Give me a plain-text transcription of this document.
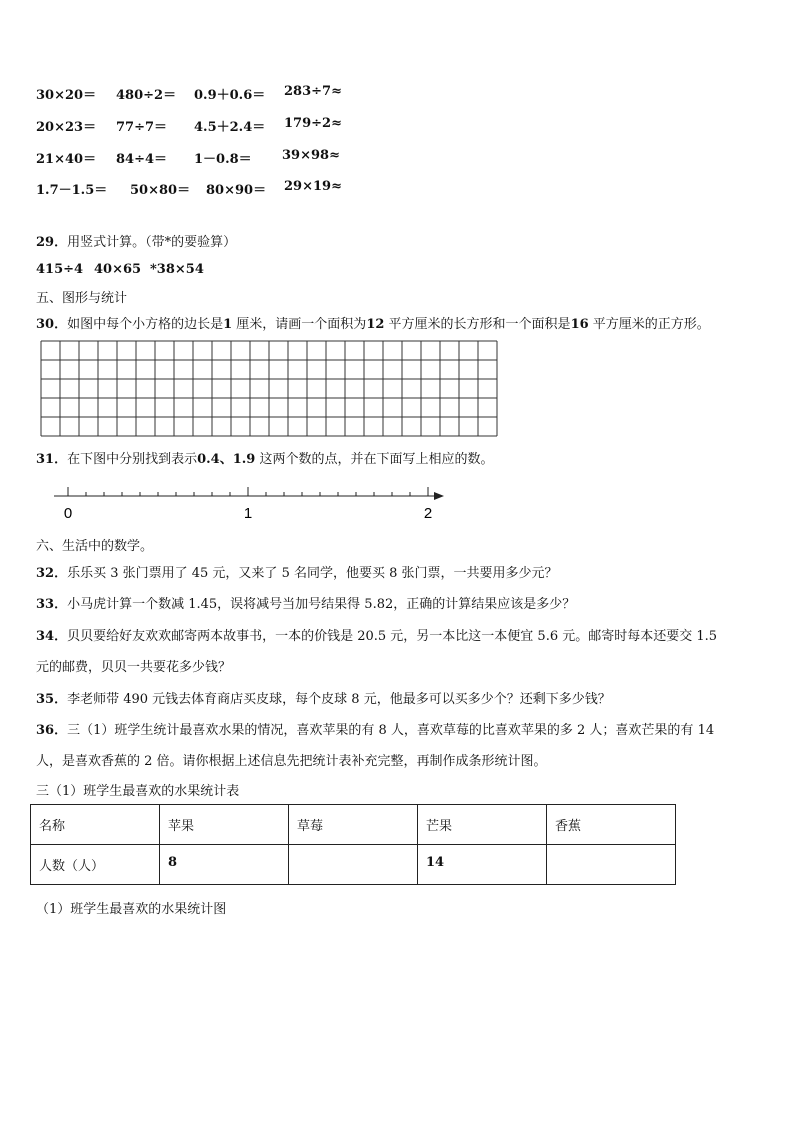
30×20＝ 480÷2＝ 0.9＋0.6＝ 283÷7≈
20×23＝ 77÷7＝ 4.5＋2.4＝ 179÷2≈
21×40＝ 84÷4＝ 1－0.8＝ 39×98≈
1.7－1.5＝ 50×80＝ 80×90＝ 29×19≈
29．用竖式计算。（带*的要验算）
415÷4 40×65 *38×54
五、图形与统计
30．如图中每个小方格的边长是1 厘米，请画一个面积为12 平方厘米的长方形和一个面积是16 平方厘米的正方形。
31．在下图中分别找到表示0.4、1.9 这两个数的点，并在下面写上相应的数。
0	1	2
六、生活中的数学。
32．乐乐买 3 张门票用了 45 元，又来了 5 名同学，他要买 8 张门票，一共要用多少元？
33．小马虎计算一个数减 1.45，误将减号当加号结果得 5.82，正确的计算结果应该是多少？
34．贝贝要给好友欢欢邮寄两本故事书，一本的价钱是 20.5 元，另一本比这一本便宜 5.6 元。邮寄时每本还要交 1.5
元的邮费，贝贝一共要花多少钱？
35．李老师带 490 元钱去体育商店买皮球，每个皮球 8 元，他最多可以买多少个？还剩下多少钱？
36．三（1）班学生统计最喜欢水果的情况，喜欢苹果的有 8 人，喜欢草莓的比喜欢苹果的多 2 人；喜欢芒果的有 14
人，是喜欢香蕉的 2 倍。请你根据上述信息先把统计表补充完整，再制作成条形统计图。
三（1）班学生最喜欢的水果统计表
名称	苹果	草莓	芒果	香蕉
人数（人）	8		14	
（1）班学生最喜欢的水果统计图
